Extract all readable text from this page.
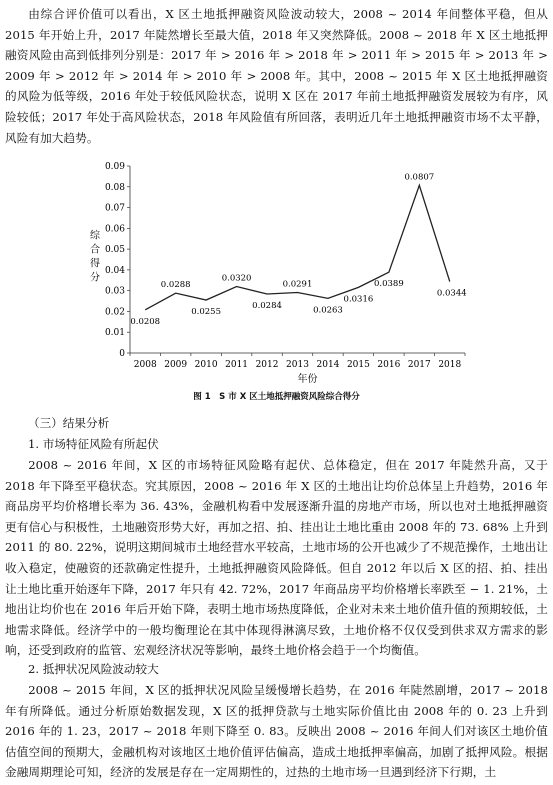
由综合评价值可以看出，X 区土地抵押融资风险波动较大，2008 ~ 2014 年间整体平稳，但从 2015 年开始上升，2017 年陡然增长至最大值，2018 年又突然降低。2008 ~ 2018 年 X 区土地抵押融资风险由高到低排列分别是：2017 年 > 2016 年 > 2018 年 > 2011 年 > 2015 年 > 2013 年 > 2009 年 > 2012 年 > 2014 年 > 2010 年 > 2008 年。其中，2008 ~ 2015 年 X 区土地抵押融资的风险为低等级，2016 年处于较低风险状态，说明 X 区在 2017 年前土地抵押融资发展较为有序，风险较低；2017 年处于高风险状态，2018 年风险值有所回落，表明近几年土地抵押融资市场不太平静，风险有加大趋势。

0
0.01
0.02
0.03
0.04
0.05
0.06
0.07
0.08
0.09
2008 2009 2010 2011 2012 2013 2014 2015 2016 2017 2018
年份
综合得分
0.0208
0.0288
0.0255
0.0320
0.0284
0.0291
0.0263
0.0316
0.0389
0.0807
0.0344
图 1　S 市 X 区土地抵押融资风险综合得分

（三）结果分析

1. 市场特征风险有所起伏

2008 ~ 2016 年间，X 区的市场特征风险略有起伏、总体稳定，但在 2017 年陡然升高，又于 2018 年下降至平稳状态。究其原因，2008 ~ 2016 年 X 区的土地出让均价总体呈上升趋势，2016 年商品房平均价格增长率为 36. 43%，金融机构看中发展逐渐升温的房地产市场，所以也对土地抵押融资更有信心与积极性，土地融资形势大好，再加之招、拍、挂出让土地比重由 2008 年的 73. 68% 上升到 2011 的 80. 22%，说明这期间城市土地经营水平较高，土地市场的公开也减少了不规范操作，土地出让收入稳定，使融资的还款确定性提升，土地抵押融资风险降低。但自 2012 年以后 X 区的招、拍、挂出让土地比重开始逐年下降，2017 年只有 42. 72%，2017 年商品房平均价格增长率跌至 − 1. 21%，土地出让均价也在 2016 年后开始下降，表明土地市场热度降低，企业对未来土地价值升值的预期较低，土地需求降低。经济学中的一般均衡理论在其中体现得淋漓尽致，土地价格不仅仅受到供求双方需求的影响，还受到政府的监管、宏观经济状况等影响，最终土地价格会趋于一个均衡值。

2. 抵押状况风险波动较大

2008 ~ 2015 年间，X 区的抵押状况风险呈缓慢增长趋势，在 2016 年陡然剧增，2017 ~ 2018 年有所降低。通过分析原始数据发现，X 区的抵押贷款与土地实际价值比由 2008 年的 0. 23 上升到 2016 年的 1. 23，2017 ~ 2018 年则下降至 0. 83。反映出 2008 ~ 2016 年间人们对该区土地价值估值空间的预期大，金融机构对该地区土地价值评估偏高，造成土地抵押率偏高，加剧了抵押风险。根据金融周期理论可知，经济的发展是存在一定周期性的，过热的土地市场一旦遇到经济下行期，土
